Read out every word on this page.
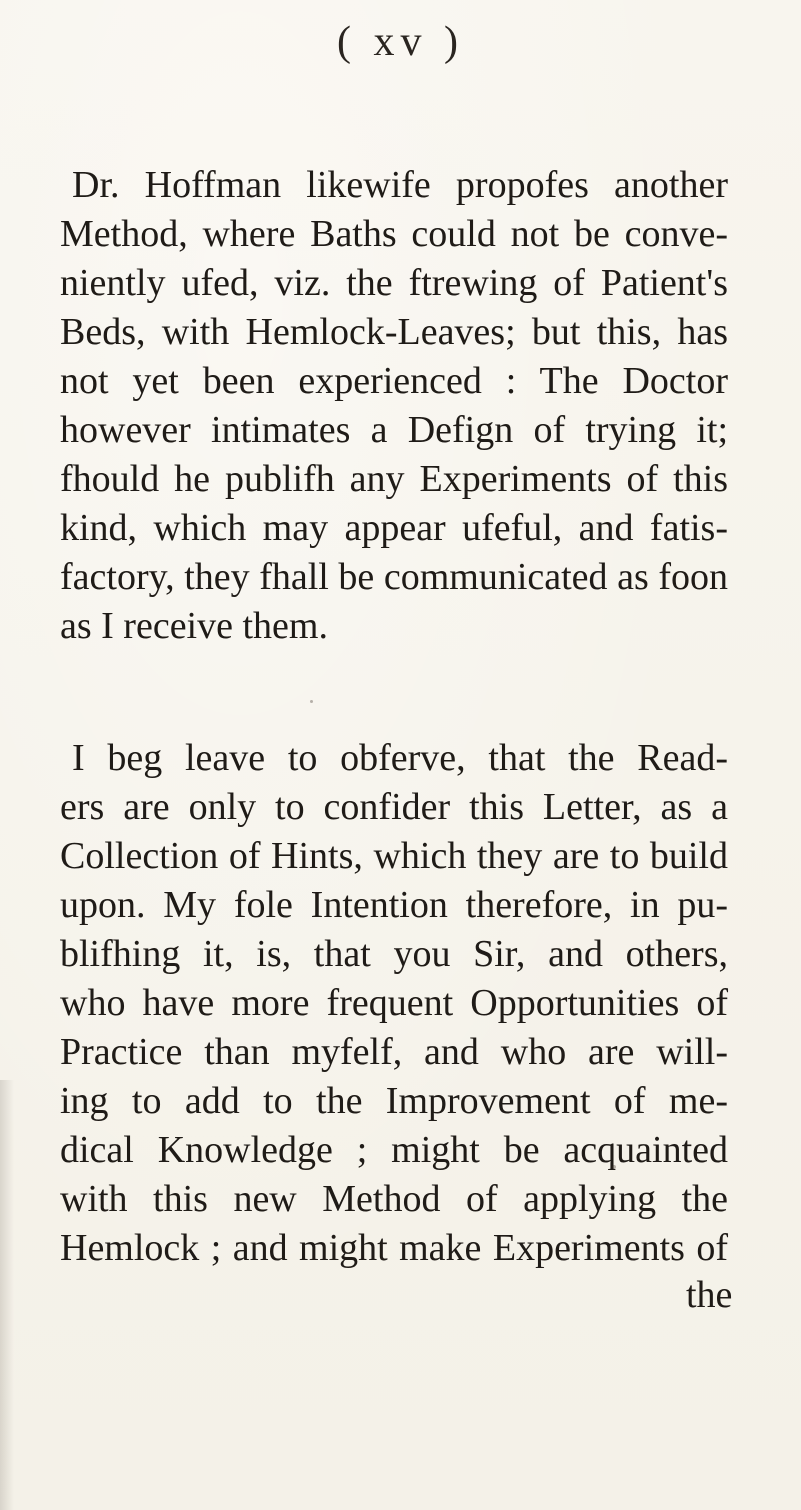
( xv )
Dr. Hoffman likewife propofes another
Method, where Baths could not be conve-
niently ufed, viz. the ftrewing of Patient's
Beds, with Hemlock-Leaves; but this, has
not yet been experienced : The Doctor
however intimates a Defign of trying it;
fhould he publifh any Experiments of this
kind, which may appear ufeful, and fatis-
factory, they fhall be communicated as foon
as I receive them.
I beg leave to obferve, that the Read-
ers are only to confider this Letter, as a
Collection of Hints, which they are to build
upon. My fole Intention therefore, in pu-
blifhing it, is, that you Sir, and others,
who have more frequent Opportunities of
Practice than myfelf, and who are will-
ing to add to the Improvement of me-
dical Knowledge ; might be acquainted
with this new Method of applying the
Hemlock ; and might make Experiments of
the
